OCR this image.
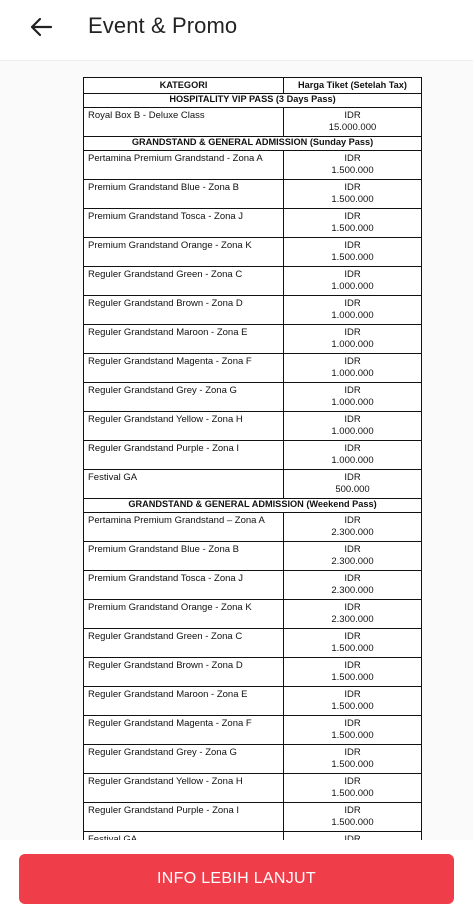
Event & Promo
KATEGORI	Harga Tiket (Setelah Tax)
HOSPITALITY VIP PASS (3 Days Pass)	
Royal Box B - Deluxe Class	IDR
15.000.000

GRANDSTAND & GENERAL ADMISSION (Sunday Pass)	
Pertamina Premium Grandstand - Zona A	IDR
1.500.000

Premium Grandstand Blue - Zona B	IDR
1.500.000

Premium Grandstand Tosca - Zona J	IDR
1.500.000

Premium Grandstand Orange - Zona K	IDR
1.500.000

Reguler Grandstand Green - Zona C	IDR
1.000.000

Reguler Grandstand Brown - Zona D	IDR
1.000.000

Reguler Grandstand Maroon - Zona E	IDR
1.000.000

Reguler Grandstand Magenta - Zona F	IDR
1.000.000

Reguler Grandstand Grey - Zona G	IDR
1.000.000

Reguler Grandstand Yellow - Zona H	IDR
1.000.000

Reguler Grandstand Purple - Zona I	IDR
1.000.000

Festival GA	IDR
500.000

GRANDSTAND & GENERAL ADMISSION (Weekend Pass)	
Pertamina Premium Grandstand – Zona A	IDR
2.300.000

Premium Grandstand Blue - Zona B	IDR
2.300.000

Premium Grandstand Tosca - Zona J	IDR
2.300.000

Premium Grandstand Orange - Zona K	IDR
2.300.000

Reguler Grandstand Green - Zona C	IDR
1.500.000

Reguler Grandstand Brown - Zona D	IDR
1.500.000

Reguler Grandstand Maroon - Zona E	IDR
1.500.000

Reguler Grandstand Magenta - Zona F	IDR
1.500.000

Reguler Grandstand Grey - Zona G	IDR
1.500.000

Reguler Grandstand Yellow - Zona H	IDR
1.500.000

Reguler Grandstand Purple - Zona I	IDR
1.500.000

INFO LEBIH LANJUT
